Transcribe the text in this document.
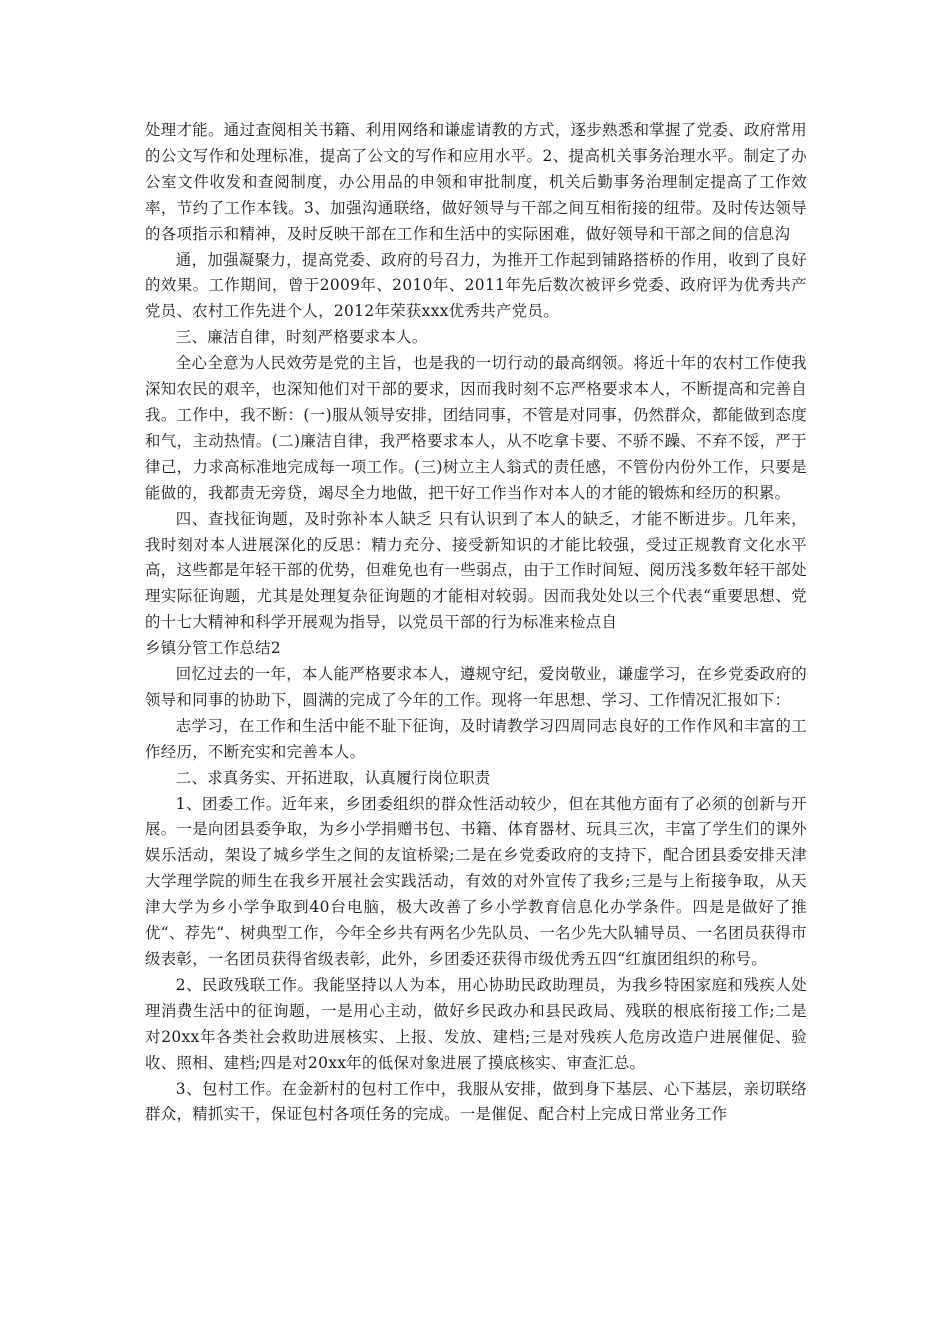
处理才能。通过查阅相关书籍、利用网络和谦虚请教的方式，逐步熟悉和掌握了党委、政府常用的公文写作和处理标准，提高了公文的写作和应用水平。2、提高机关事务治理水平。制定了办公室文件收发和查阅制度，办公用品的申领和审批制度，机关后勤事务治理制定提高了工作效率，节约了工作本钱。3、加强沟通联络，做好领导与干部之间互相衔接的纽带。及时传达领导的各项指示和精神，及时反映干部在工作和生活中的实际困难，做好领导和干部之间的信息沟

通，加强凝聚力，提高党委、政府的号召力，为推开工作起到铺路搭桥的作用，收到了良好的效果。工作期间，曾于2009年、2010年、2011年先后数次被评乡党委、政府评为优秀共产党员、农村工作先进个人，2012年荣获xxx优秀共产党员。

三、廉洁自律，时刻严格要求本人。

全心全意为人民效劳是党的主旨，也是我的一切行动的最高纲领。将近十年的农村工作使我深知农民的艰辛，也深知他们对干部的要求，因而我时刻不忘严格要求本人，不断提高和完善自我。工作中，我不断：(一)服从领导安排，团结同事，不管是对同事，仍然群众，都能做到态度和气，主动热情。(二)廉洁自律，我严格要求本人，从不吃拿卡要、不骄不躁、不弃不馁，严于律己，力求高标准地完成每一项工作。(三)树立主人翁式的责任感，不管份内份外工作，只要是能做的，我都责无旁贷，竭尽全力地做，把干好工作当作对本人的才能的锻炼和经历的积累。

四、查找征询题，及时弥补本人缺乏 只有认识到了本人的缺乏，才能不断进步。几年来，我时刻对本人进展深化的反思：精力充分、接受新知识的才能比较强，受过正规教育文化水平高，这些都是年轻干部的优势，但难免也有一些弱点，由于工作时间短、阅历浅多数年轻干部处理实际征询题，尤其是处理复杂征询题的才能相对较弱。因而我处处以三个代表“重要思想、党的十七大精神和科学开展观为指导，以党员干部的行为标准来检点自

乡镇分管工作总结2

回忆过去的一年，本人能严格要求本人，遵规守纪，爱岗敬业，谦虚学习，在乡党委政府的领导和同事的协助下，圆满的完成了今年的工作。现将一年思想、学习、工作情况汇报如下：

志学习，在工作和生活中能不耻下征询，及时请教学习四周同志良好的工作作风和丰富的工作经历，不断充实和完善本人。

二、求真务实、开拓进取，认真履行岗位职责

1、团委工作。近年来，乡团委组织的群众性活动较少，但在其他方面有了必须的创新与开展。一是向团县委争取，为乡小学捐赠书包、书籍、体育器材、玩具三次，丰富了学生们的课外娱乐活动，架设了城乡学生之间的友谊桥梁;二是在乡党委政府的支持下，配合团县委安排天津大学理学院的师生在我乡开展社会实践活动，有效的对外宣传了我乡;三是与上衔接争取，从天津大学为乡小学争取到40台电脑，极大改善了乡小学教育信息化办学条件。四是是做好了推优“、荐先“、树典型工作，今年全乡共有两名少先队员、一名少先大队辅导员、一名团员获得市级表彰，一名团员获得省级表彰，此外，乡团委还获得市级优秀五四“红旗团组织的称号。

2、民政残联工作。我能坚持以人为本，用心协助民政助理员，为我乡特困家庭和残疾人处理消费生活中的征询题，一是用心主动，做好乡民政办和县民政局、残联的根底衔接工作;二是对20xx年各类社会救助进展核实、上报、发放、建档;三是对残疾人危房改造户进展催促、验收、照相、建档;四是对20xx年的低保对象进展了摸底核实、审查汇总。

3、包村工作。在金新村的包村工作中，我服从安排，做到身下基层、心下基层，亲切联络群众，精抓实干，保证包村各项任务的完成。一是催促、配合村上完成日常业务工作
